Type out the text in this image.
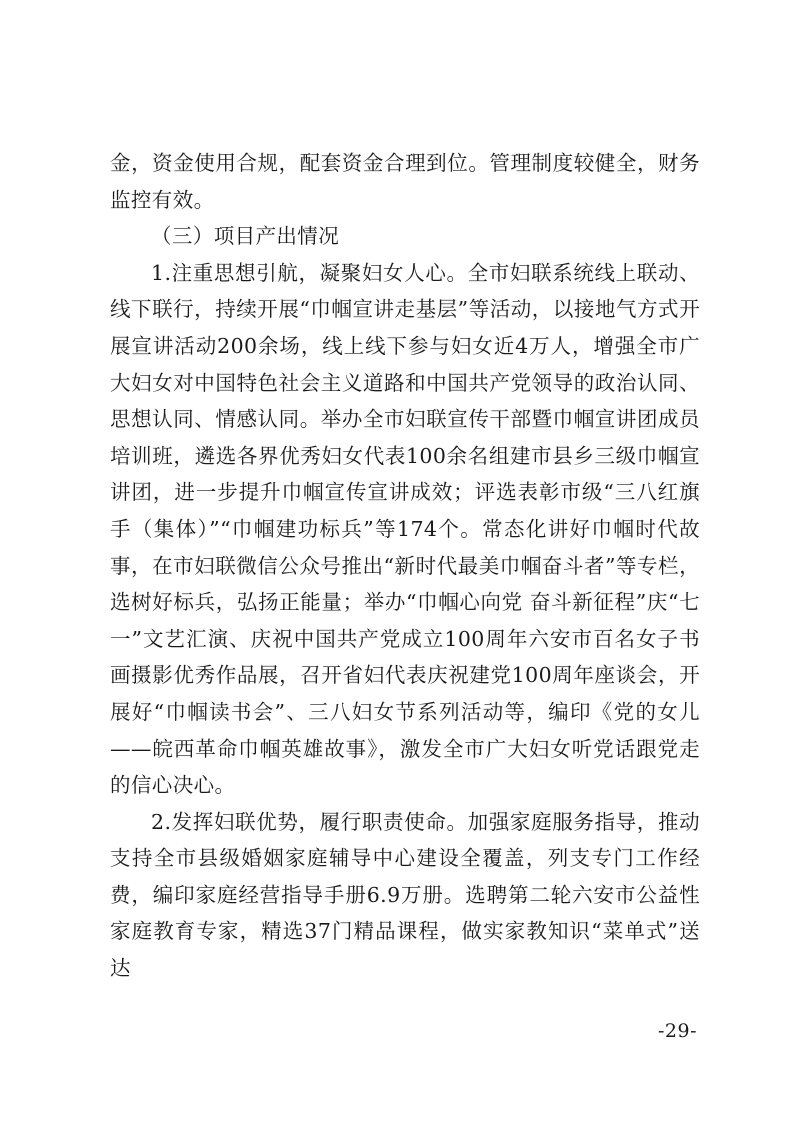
金，资金使用合规，配套资金合理到位。管理制度较健全，财务监控有效。

（三）项目产出情况

1.注重思想引航，凝聚妇女人心。全市妇联系统线上联动、线下联行，持续开展“巾帼宣讲走基层”等活动，以接地气方式开展宣讲活动200余场，线上线下参与妇女近4万人，增强全市广大妇女对中国特色社会主义道路和中国共产党领导的政治认同、思想认同、情感认同。举办全市妇联宣传干部暨巾帼宣讲团成员培训班，遴选各界优秀妇女代表100余名组建市县乡三级巾帼宣讲团，进一步提升巾帼宣传宣讲成效；评选表彰市级“三八红旗手（集体）”“巾帼建功标兵”等174个。常态化讲好巾帼时代故事，在市妇联微信公众号推出“新时代最美巾帼奋斗者”等专栏，选树好标兵，弘扬正能量；举办“巾帼心向党 奋斗新征程”庆“七一”文艺汇演、庆祝中国共产党成立100周年六安市百名女子书画摄影优秀作品展，召开省妇代表庆祝建党100周年座谈会，开展好“巾帼读书会”、三八妇女节系列活动等，编印《党的女儿——皖西革命巾帼英雄故事》，激发全市广大妇女听党话跟党走的信心决心。

2.发挥妇联优势，履行职责使命。加强家庭服务指导，推动支持全市县级婚姻家庭辅导中心建设全覆盖，列支专门工作经费，编印家庭经营指导手册6.9万册。选聘第二轮六安市公益性家庭教育专家，精选37门精品课程，做实家教知识“菜单式”送达

-29-
